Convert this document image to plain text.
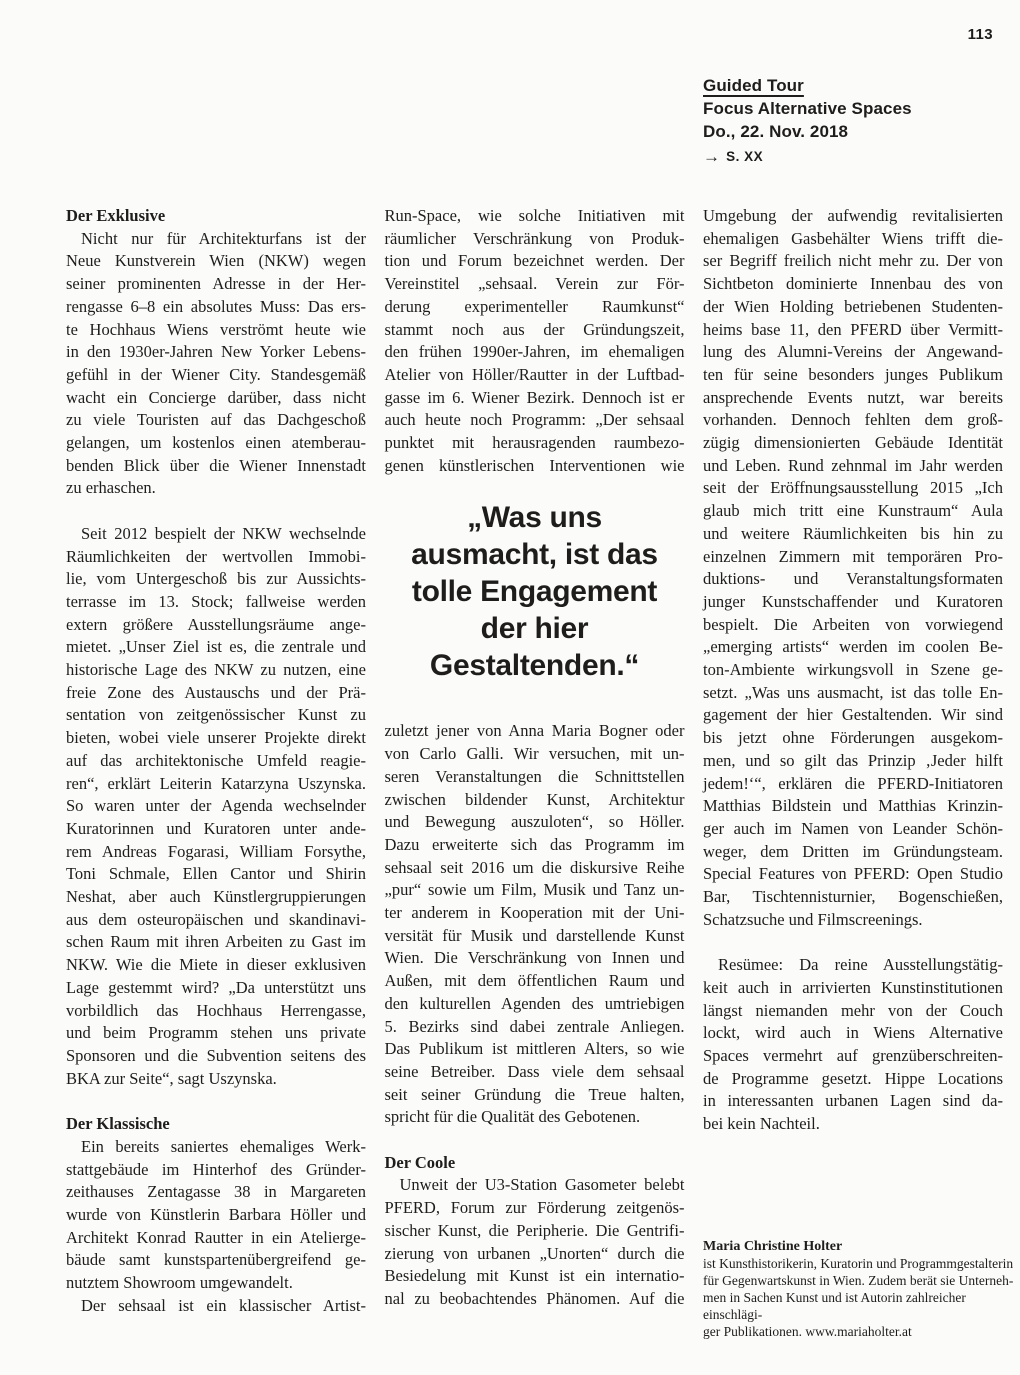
113
Guided Tour
Focus Alternative Spaces
Do., 22. Nov. 2018
→ S. XX
Der Exklusive
Nicht nur für Architekturfans ist der
Neue Kunstverein Wien (NKW) wegen
seiner prominenten Adresse in der Her-
rengasse 6–8 ein absolutes Muss: Das ers-
te Hochhaus Wiens verströmt heute wie
in den 1930er-Jahren New Yorker Lebens-
gefühl in der Wiener City. Standesgemäß
wacht ein Concierge darüber, dass nicht
zu viele Touristen auf das Dachgeschoß
gelangen, um kostenlos einen atemberau-
benden Blick über die Wiener Innenstadt
zu erhaschen.
Seit 2012 bespielt der NKW wechselnde
Räumlichkeiten der wertvollen Immobi-
lie, vom Untergeschoß bis zur Aussichts-
terrasse im 13. Stock; fallweise werden
extern größere Ausstellungsräume ange-
mietet. „Unser Ziel ist es, die zentrale und
historische Lage des NKW zu nutzen, eine
freie Zone des Austauschs und der Prä-
sentation von zeitgenössischer Kunst zu
bieten, wobei viele unserer Projekte direkt
auf das architektonische Umfeld reagie-
ren“, erklärt Leiterin Katarzyna Uszynska.
So waren unter der Agenda wechselnder
Kuratorinnen und Kuratoren unter ande-
rem Andreas Fogarasi, William Forsythe,
Toni Schmale, Ellen Cantor und Shirin
Neshat, aber auch Künstlergruppierungen
aus dem osteuropäischen und skandinavi-
schen Raum mit ihren Arbeiten zu Gast im
NKW. Wie die Miete in dieser exklusiven
Lage gestemmt wird? „Da unterstützt uns
vorbildlich das Hochhaus Herrengasse,
und beim Programm stehen uns private
Sponsoren und die Subvention seitens des
BKA zur Seite“, sagt Uszynska.
Der Klassische
Ein bereits saniertes ehemaliges Werk-
stattgebäude im Hinterhof des Gründer-
zeithauses Zentagasse 38 in Margareten
wurde von Künstlerin Barbara Höller und
Architekt Konrad Rautter in ein Atelierge-
bäude samt kunstspartenübergreifend ge-
nutztem Showroom umgewandelt.
Der sehsaal ist ein klassischer Artist-
Run-Space, wie solche Initiativen mit
räumlicher Verschränkung von Produk-
tion und Forum bezeichnet werden. Der
Vereinstitel „sehsaal. Verein zur För-
derung experimenteller Raumkunst“
stammt noch aus der Gründungszeit,
den frühen 1990er-Jahren, im ehemaligen
Atelier von Höller/Rautter in der Luftbad-
gasse im 6. Wiener Bezirk. Dennoch ist er
auch heute noch Programm: „Der sehsaal
punktet mit herausragenden raumbezo-
genen künstlerischen Interventionen wie
„Was uns
ausmacht, ist das
tolle Engagement
der hier
Gestaltenden.“
zuletzt jener von Anna Maria Bogner oder
von Carlo Galli. Wir versuchen, mit un-
seren Veranstaltungen die Schnittstellen
zwischen bildender Kunst, Architektur
und Bewegung auszuloten“, so Höller.
Dazu erweiterte sich das Programm im
sehsaal seit 2016 um die diskursive Reihe
„pur“ sowie um Film, Musik und Tanz un-
ter anderem in Kooperation mit der Uni-
versität für Musik und darstellende Kunst
Wien. Die Verschränkung von Innen und
Außen, mit dem öffentlichen Raum und
den kulturellen Agenden des umtriebigen
5. Bezirks sind dabei zentrale Anliegen.
Das Publikum ist mittleren Alters, so wie
seine Betreiber. Dass viele dem sehsaal
seit seiner Gründung die Treue halten,
spricht für die Qualität des Gebotenen.
Der Coole
Unweit der U3-Station Gasometer belebt
PFERD, Forum zur Förderung zeitgenös-
sischer Kunst, die Peripherie. Die Gentrifi-
zierung von urbanen „Unorten“ durch die
Besiedelung mit Kunst ist ein internatio-
nal zu beobachtendes Phänomen. Auf die
Umgebung der aufwendig revitalisierten
ehemaligen Gasbehälter Wiens trifft die-
ser Begriff freilich nicht mehr zu. Der von
Sichtbeton dominierte Innenbau des von
der Wien Holding betriebenen Studenten-
heims base 11, den PFERD über Vermitt-
lung des Alumni-Vereins der Angewand-
ten für seine besonders junges Publikum
ansprechende Events nutzt, war bereits
vorhanden. Dennoch fehlten dem groß-
zügig dimensionierten Gebäude Identität
und Leben. Rund zehnmal im Jahr werden
seit der Eröffnungsausstellung 2015 „Ich
glaub mich tritt eine Kunstraum“ Aula
und weitere Räumlichkeiten bis hin zu
einzelnen Zimmern mit temporären Pro-
duktions- und Veranstaltungsformaten
junger Kunstschaffender und Kuratoren
bespielt. Die Arbeiten von vorwiegend
„emerging artists“ werden im coolen Be-
ton-Ambiente wirkungsvoll in Szene ge-
setzt. „Was uns ausmacht, ist das tolle En-
gagement der hier Gestaltenden. Wir sind
bis jetzt ohne Förderungen ausgekom-
men, und so gilt das Prinzip ‚Jeder hilft
jedem!‘“, erklären die PFERD-Initiatoren
Matthias Bildstein und Matthias Krinzin-
ger auch im Namen von Leander Schön-
weger, dem Dritten im Gründungsteam.
Special Features von PFERD: Open Studio
Bar, Tischtennisturnier, Bogenschießen,
Schatzsuche und Filmscreenings.
Resümee: Da reine Ausstellungstätig-
keit auch in arrivierten Kunstinstitutionen
längst niemanden mehr von der Couch
lockt, wird auch in Wiens Alternative
Spaces vermehrt auf grenzüberschreiten-
de Programme gesetzt. Hippe Locations
in interessanten urbanen Lagen sind da-
bei kein Nachteil.
Maria Christine Holter
ist Kunsthistorikerin, Kuratorin und Programmgestalterin
für Gegenwartskunst in Wien. Zudem berät sie Unterneh-
men in Sachen Kunst und ist Autorin zahlreicher einschlägi-
ger Publikationen. www.mariaholter.at
